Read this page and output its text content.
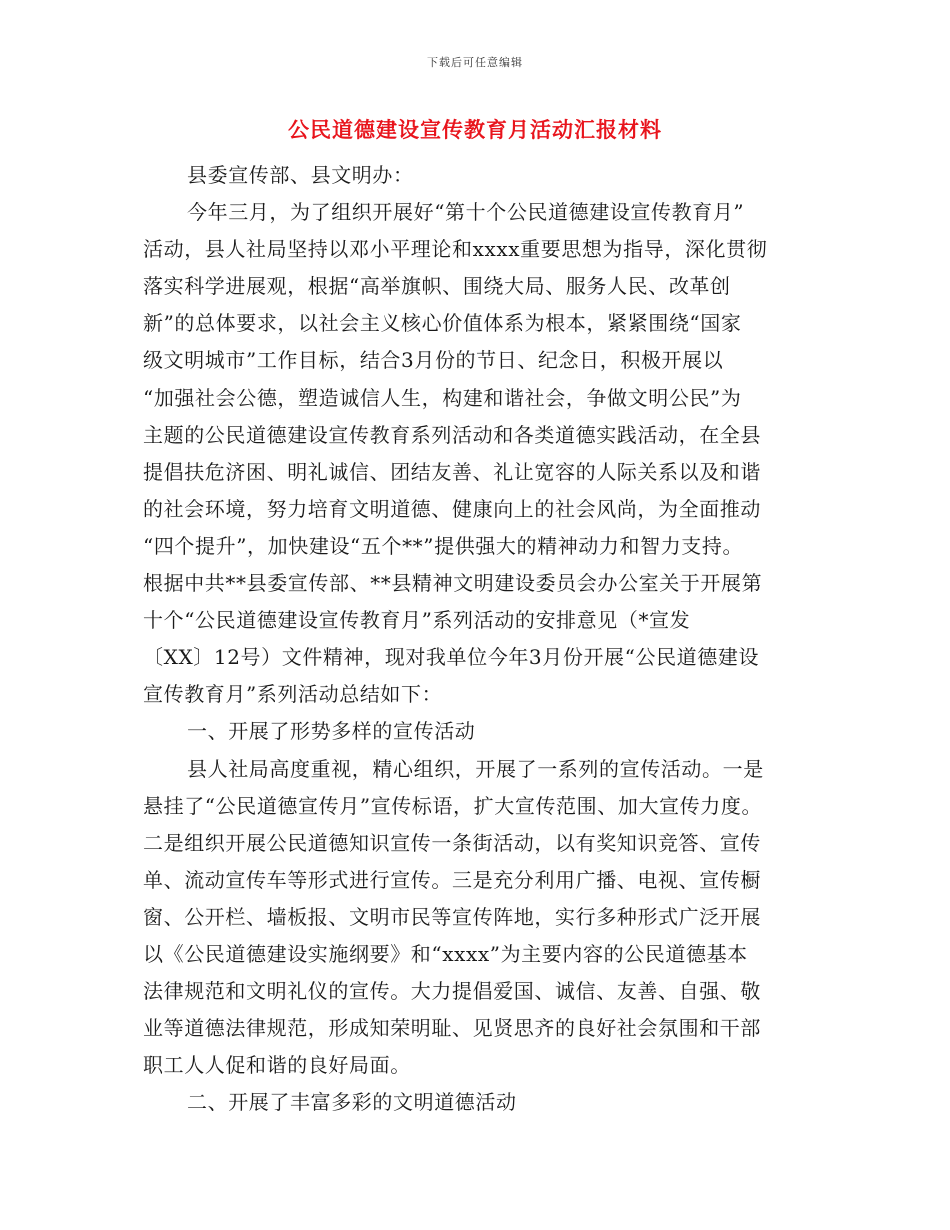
下载后可任意编辑
公民道德建设宣传教育月活动汇报材料
县委宣传部、县文明办：
今年三月，为了组织开展好“第十个公民道德建设宣传教育月”
活动，县人社局坚持以邓小平理论和xxxx重要思想为指导，深化贯彻
落实科学进展观，根据“高举旗帜、围绕大局、服务人民、改革创
新”的总体要求，以社会主义核心价值体系为根本，紧紧围绕“国家
级文明城市”工作目标，结合3月份的节日、纪念日，积极开展以
“加强社会公德，塑造诚信人生，构建和谐社会，争做文明公民”为
主题的公民道德建设宣传教育系列活动和各类道德实践活动，在全县
提倡扶危济困、明礼诚信、团结友善、礼让宽容的人际关系以及和谐
的社会环境，努力培育文明道德、健康向上的社会风尚，为全面推动
“四个提升”，加快建设“五个**”提供强大的精神动力和智力支持。
根据中共**县委宣传部、**县精神文明建设委员会办公室关于开展第
十个“公民道德建设宣传教育月”系列活动的安排意见（*宣发
〔XX〕12号）文件精神，现对我单位今年3月份开展“公民道德建设
宣传教育月”系列活动总结如下：
一、开展了形势多样的宣传活动
县人社局高度重视，精心组织，开展了一系列的宣传活动。一是
悬挂了“公民道德宣传月”宣传标语，扩大宣传范围、加大宣传力度。
二是组织开展公民道德知识宣传一条街活动，以有奖知识竞答、宣传
单、流动宣传车等形式进行宣传。三是充分利用广播、电视、宣传橱
窗、公开栏、墙板报、文明市民等宣传阵地，实行多种形式广泛开展
以《公民道德建设实施纲要》和“xxxx”为主要内容的公民道德基本
法律规范和文明礼仪的宣传。大力提倡爱国、诚信、友善、自强、敬
业等道德法律规范，形成知荣明耻、见贤思齐的良好社会氛围和干部
职工人人促和谐的良好局面。
二、开展了丰富多彩的文明道德活动
